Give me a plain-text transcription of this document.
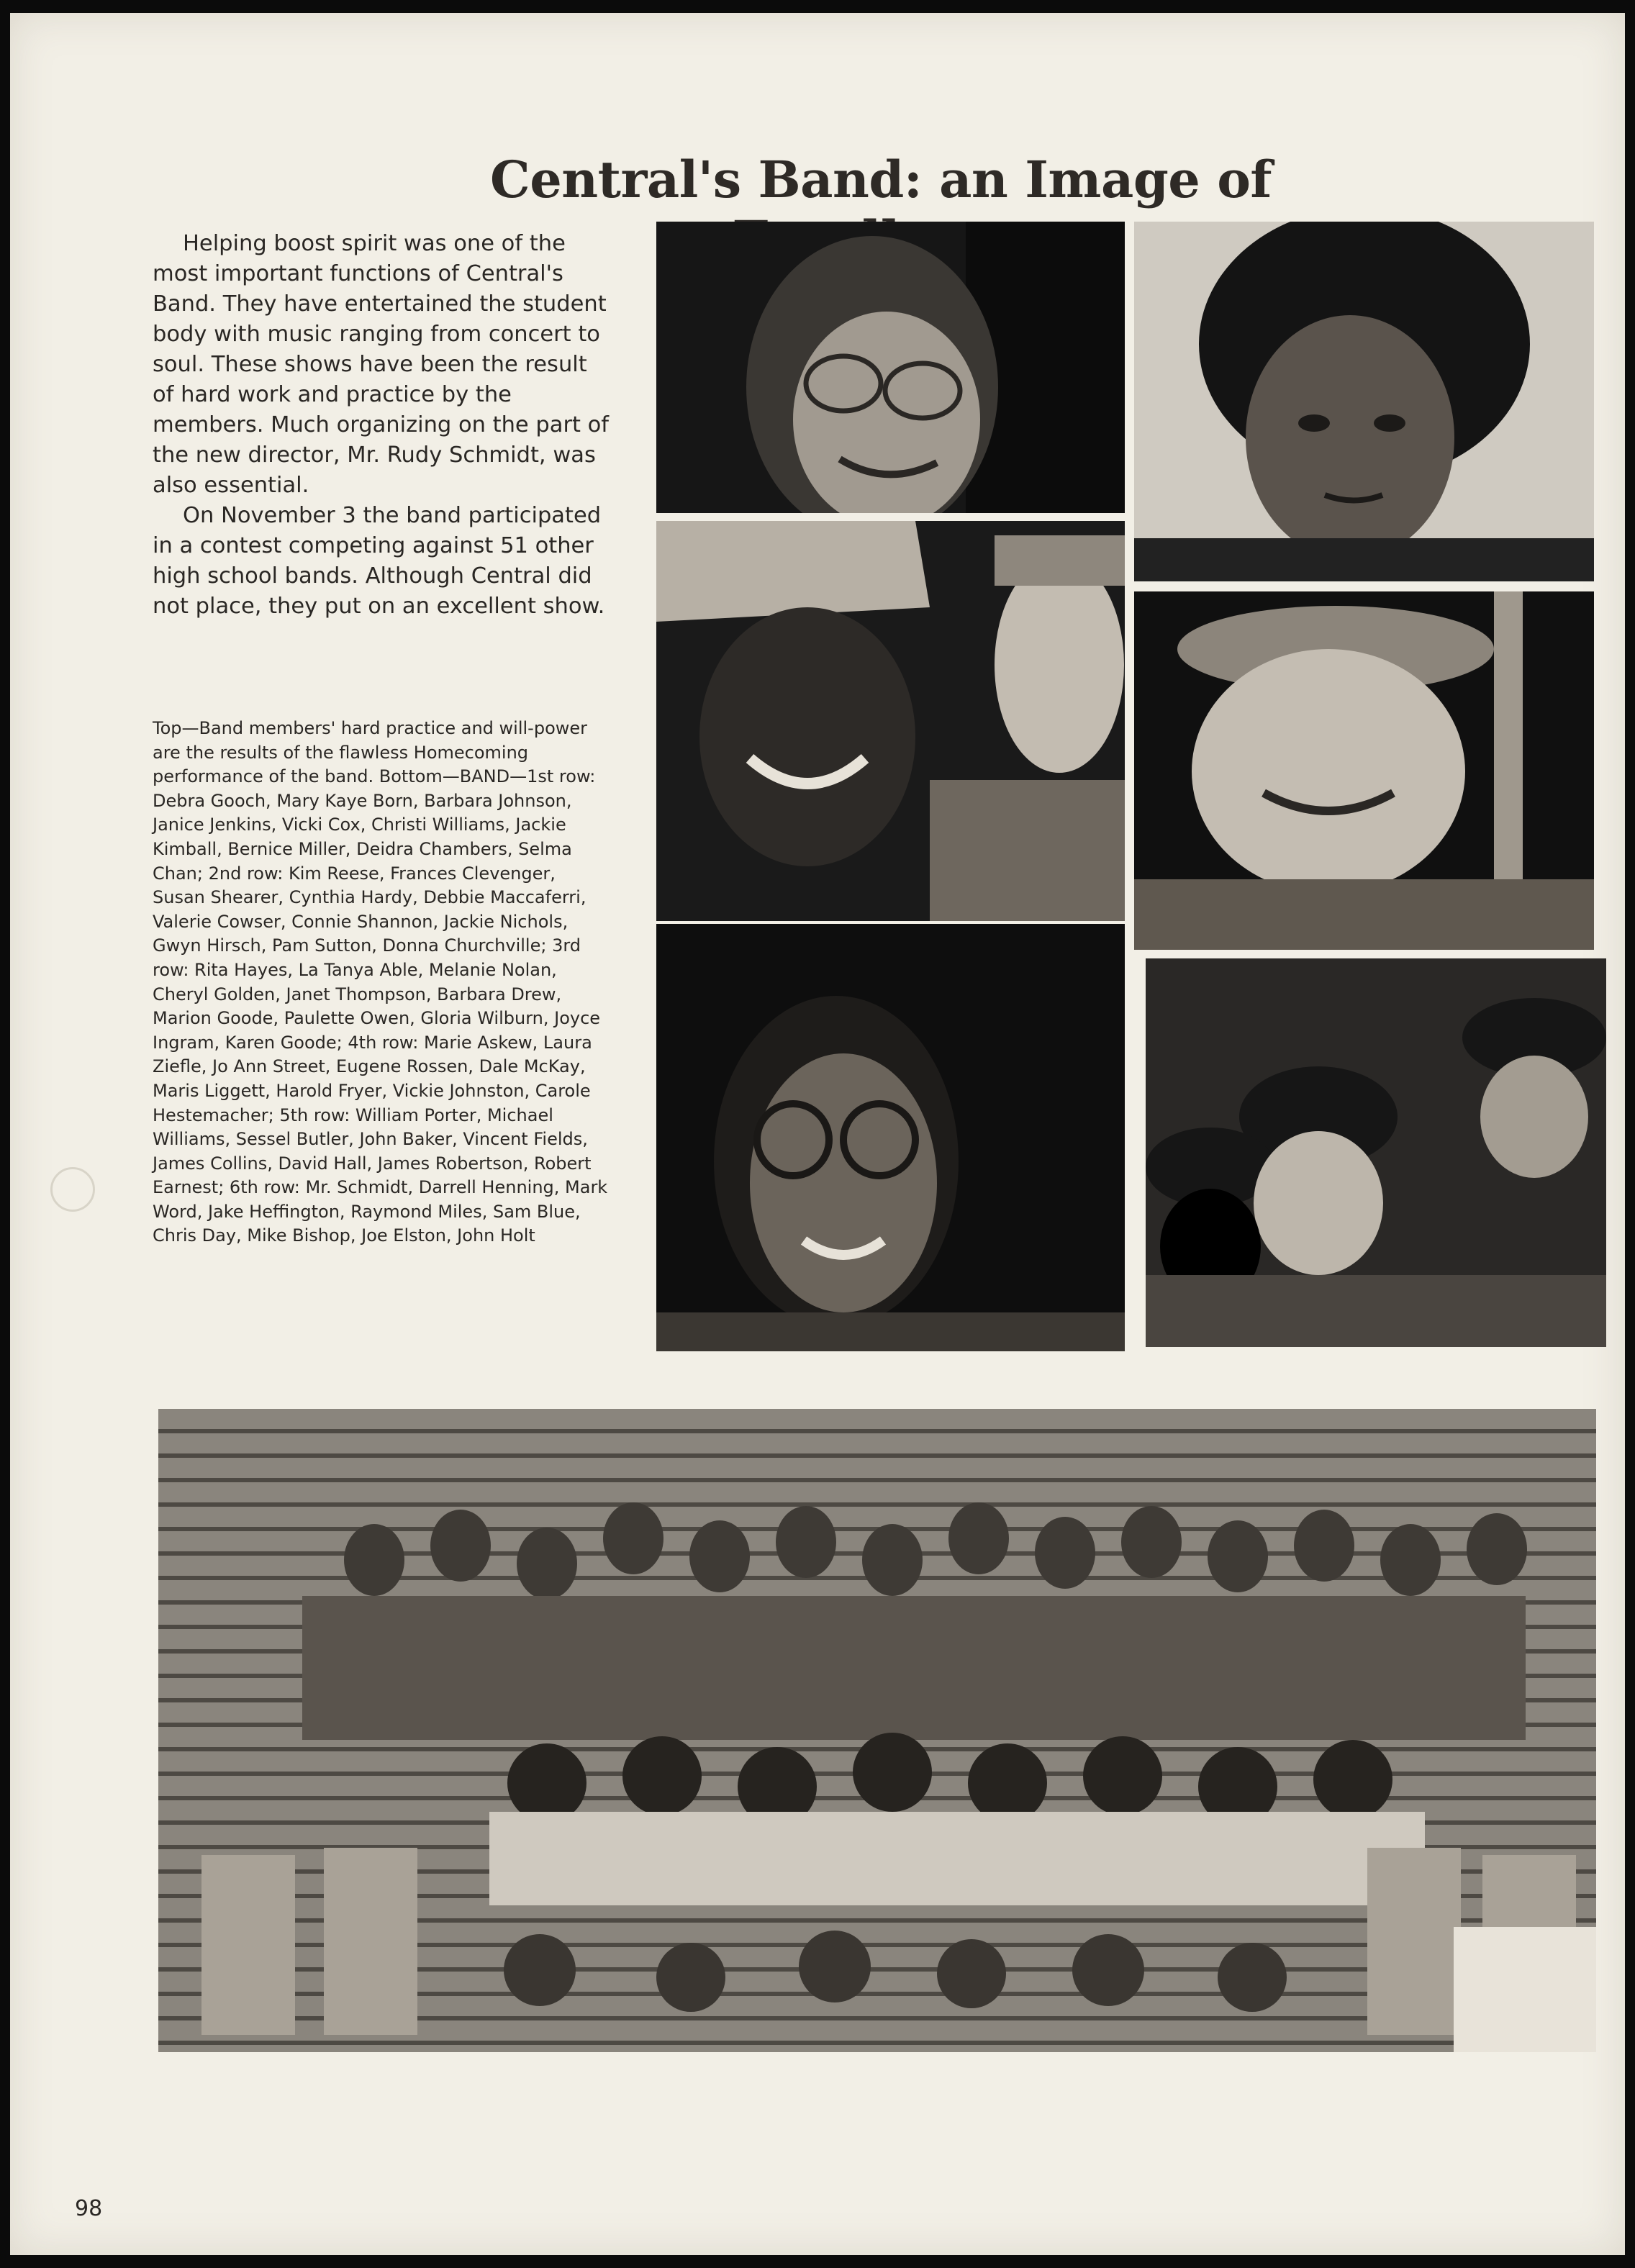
Central's Band: an Image of

Helping boost spirit was one of the most important functions of Central's Band. They have entertained the student body with music ranging from concert to soul. These shows have been the result of hard work and practice by the members. Much organizing on the part of the new director, Mr. Rudy Schmidt, was also essential.

On November 3 the band participated in a contest competing against 51 other high school bands. Although Central did not place, they put on an excellent show.

Top—Band members' hard practice and will-power are the results of the flawless Homecoming performance of the band. Bottom—BAND—1st row: Debra Gooch, Mary Kaye Born, Barbara Johnson, Janice Jenkins, Vicki Cox, Christi Williams, Jackie Kimball, Bernice Miller, Deidra Chambers, Selma Chan; 2nd row: Kim Reese, Frances Clevenger, Susan Shearer, Cynthia Hardy, Debbie Maccaferri, Valerie Cowser, Connie Shannon, Jackie Nichols, Gwyn Hirsch, Pam Sutton, Donna Churchville; 3rd row: Rita Hayes, La Tanya Able, Melanie Nolan, Cheryl Golden, Janet Thompson, Barbara Drew, Marion Goode, Paulette Owen, Gloria Wilburn, Joyce Ingram, Karen Goode; 4th row: Marie Askew, Laura Ziefle, Jo Ann Street, Eugene Rossen, Dale McKay, Maris Liggett, Harold Fryer, Vickie Johnston, Carole Hestemacher; 5th row: William Porter, Michael Williams, Sessel Butler, John Baker, Vincent Fields, James Collins, David Hall, James Robertson, Robert Earnest; 6th row: Mr. Schmidt, Darrell Henning, Mark Word, Jake Heffington, Raymond Miles, Sam Blue, Chris Day, Mike Bishop, Joe Elston, John Holt

98
